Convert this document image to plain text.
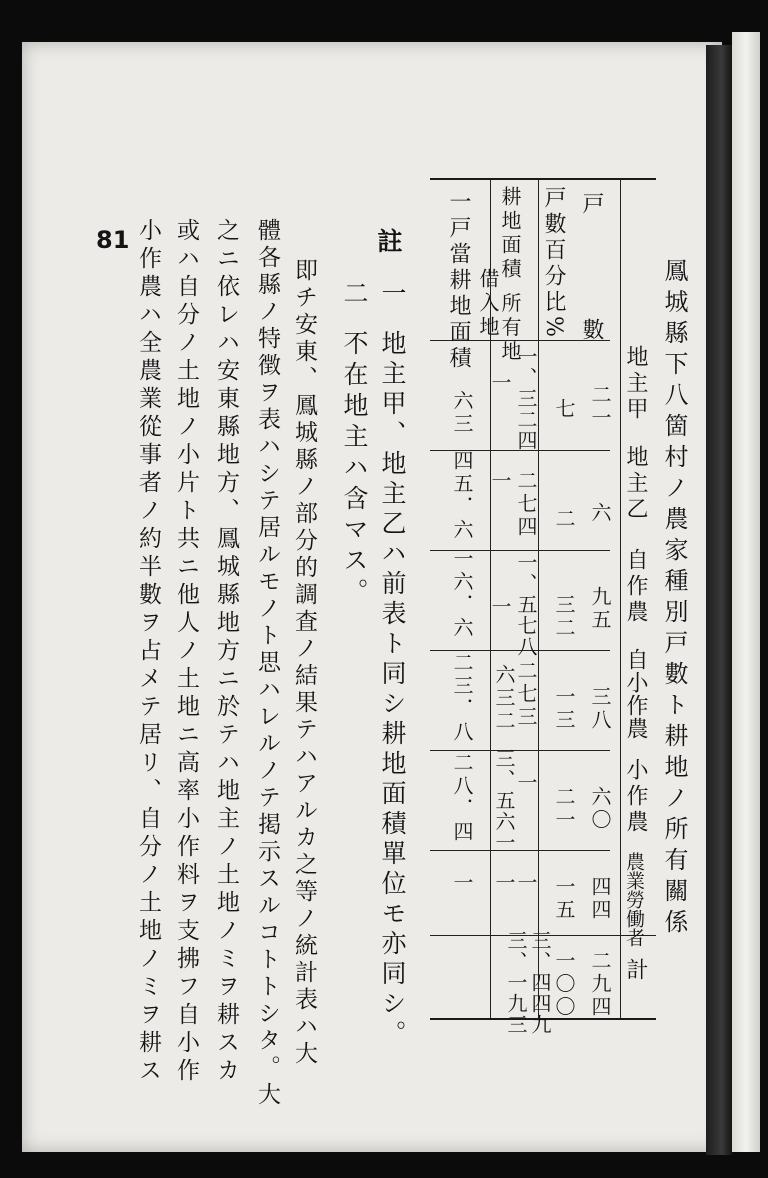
鳳城縣下八箇村ノ農家種別戸數ト耕地ノ所有關係
地主甲
地主乙
自作農
自小作農
小作農
農業勞働者
計
戸　　數
戸數百分比%
耕地面積 所有地
借入地
一戸當耕地面積
二一
六
九五
三八
六〇
四四
二九四
七
二
三二
一三
二一
一五
一〇〇
一、三二四
二七四
一、五七八
二七三
一
一
三、四四九
一
一
一
六三二
三、五六一
一
三、一九三
六三
四五．六
一六．六
二三．八
二八．四
一
註
一
地主甲、地主乙ハ前表ト同シ耕地面積單位モ亦同シ。
二
不在地主ハ含マス。
即チ安東、鳳城縣ノ部分的調査ノ結果テハアルカ之等ノ統計表ハ大
體各縣ノ特徴ヲ表ハシテ居ルモノト思ハレルノテ掲示スルコトトシタ。大
之ニ依レハ安東縣地方、鳳城縣地方ニ於テハ地主ノ土地ノミヲ耕スカ
或ハ自分ノ土地ノ小片ト共ニ他人ノ土地ニ高率小作料ヲ支拂フ自小作
小作農ハ全農業從事者ノ約半數ヲ占メテ居リ、自分ノ土地ノミヲ耕ス
81
